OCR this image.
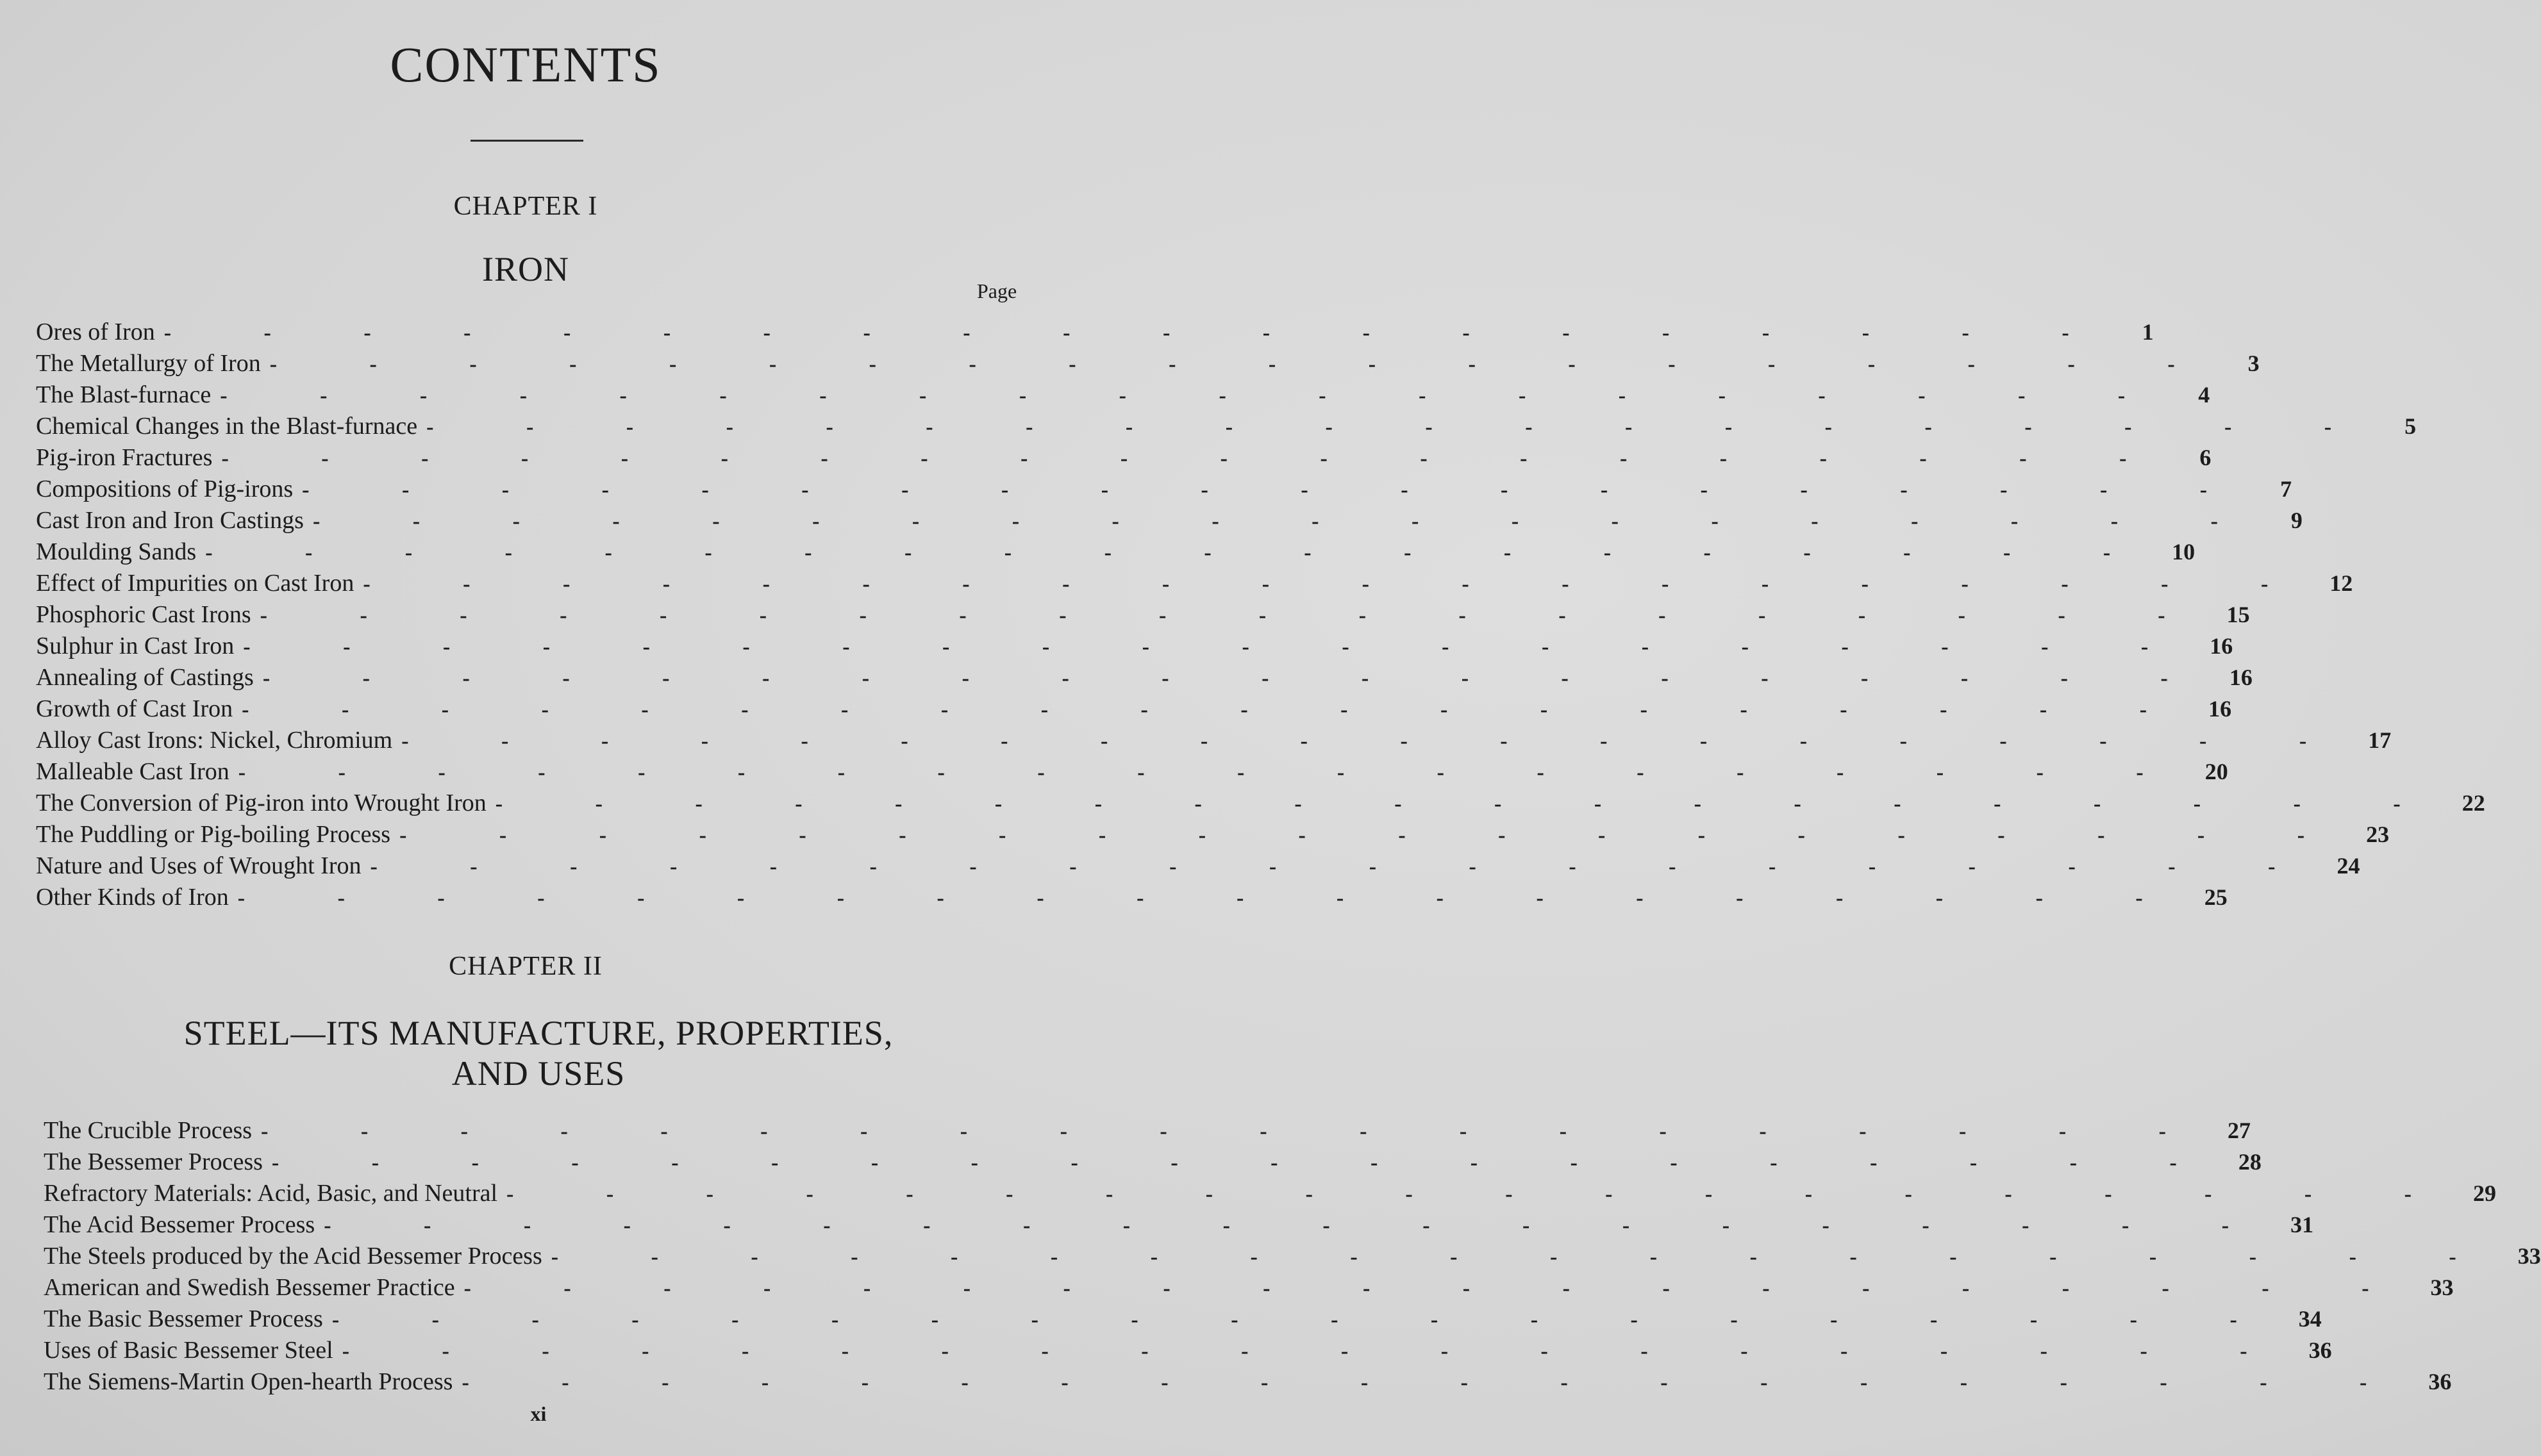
CONTENTS
CHAPTER I
IRON
Page
Ores of Iron - - - - - - - - - - - - - - - - - - - -	1
The Metallurgy of Iron - - - - - - - - - - - - - - - - - - - -	3
The Blast-furnace - - - - - - - - - - - - - - - - - - - -	4
Chemical Changes in the Blast-furnace - - - - - - - - - - - - - - - - - - - -	5
Pig-iron Fractures - - - - - - - - - - - - - - - - - - - -	6
Compositions of Pig-irons - - - - - - - - - - - - - - - - - - - -	7
Cast Iron and Iron Castings - - - - - - - - - - - - - - - - - - - -	9
Moulding Sands - - - - - - - - - - - - - - - - - - - - 10
Effect of Impurities on Cast Iron - - - - - - - - - - - - - - - - - - - - 12
Phosphoric Cast Irons - - - - - - - - - - - - - - - - - - - - 15
Sulphur in Cast Iron - - - - - - - - - - - - - - - - - - - - 16
Annealing of Castings - - - - - - - - - - - - - - - - - - - - 16
Growth of Cast Iron - - - - - - - - - - - - - - - - - - - - 16
Alloy Cast Irons: Nickel, Chromium - - - - - - - - - - - - - - - - - - - - 17
Malleable Cast Iron - - - - - - - - - - - - - - - - - - - - 20
The Conversion of Pig-iron into Wrought Iron - - - - - - - - - - - - - - - - - - - - 22
The Puddling or Pig-boiling Process - - - - - - - - - - - - - - - - - - - - 23
Nature and Uses of Wrought Iron - - - - - - - - - - - - - - - - - - - - 24
Other Kinds of Iron - - - - - - - - - - - - - - - - - - - - 25
CHAPTER II
STEEL—ITS MANUFACTURE, PROPERTIES,
AND USES
The Crucible Process - - - - - - - - - - - - - - - - - - - - 27
The Bessemer Process - - - - - - - - - - - - - - - - - - - - 28
Refractory Materials: Acid, Basic, and Neutral - - - - - - - - - - - - - - - - - - - - 29
The Acid Bessemer Process - - - - - - - - - - - - - - - - - - - - 31
The Steels produced by the Acid Bessemer Process - - - - - - - - - - - - - - - - - - - - 33
American and Swedish Bessemer Practice - - - - - - - - - - - - - - - - - - - - 33
The Basic Bessemer Process - - - - - - - - - - - - - - - - - - - - 34
Uses of Basic Bessemer Steel - - - - - - - - - - - - - - - - - - - - 36
The Siemens-Martin Open-hearth Process - - - - - - - - - - - - - - - - - - - - 36
xi
